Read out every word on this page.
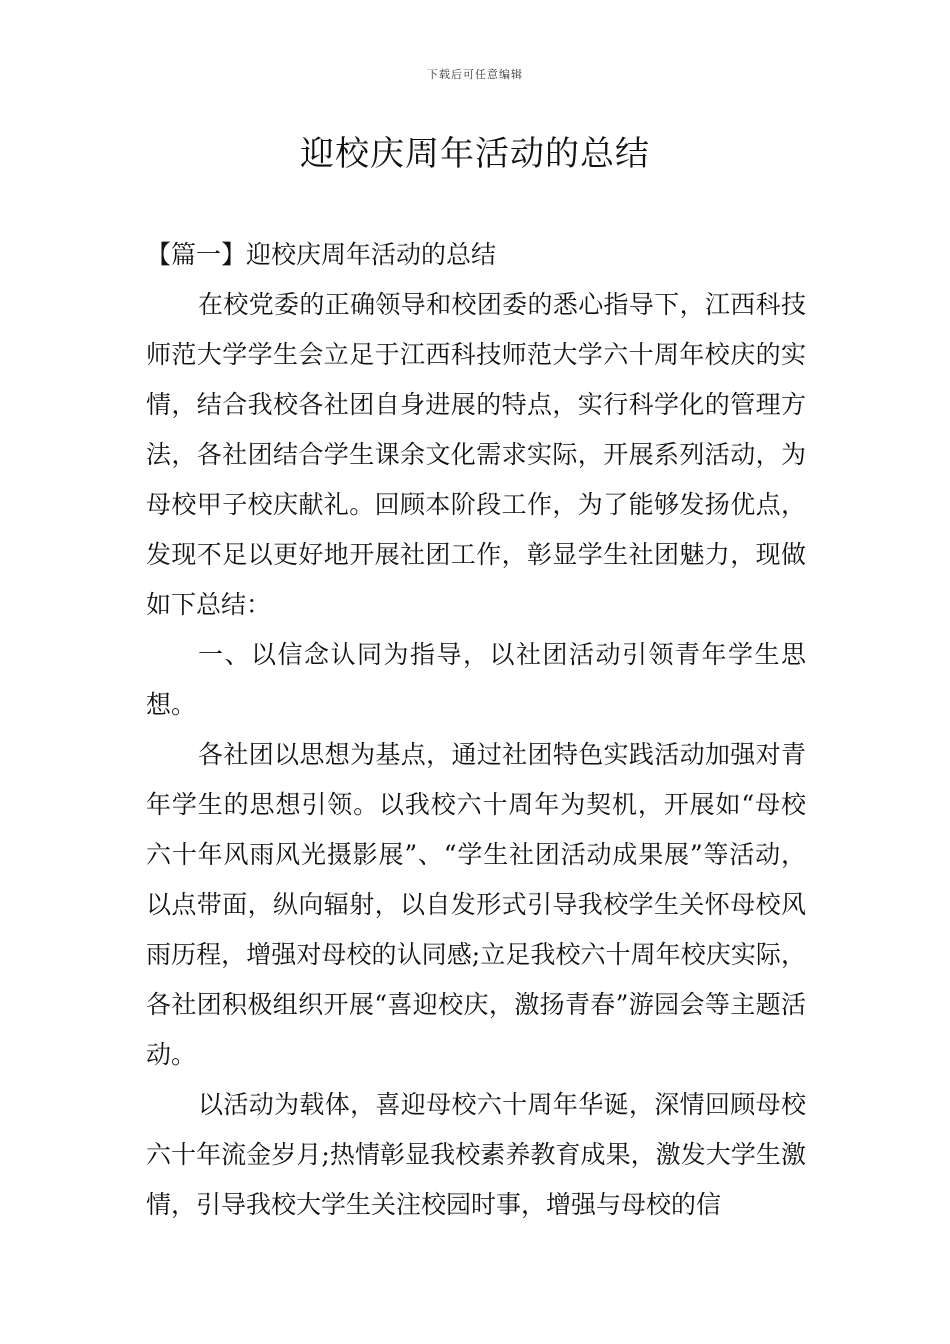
下载后可任意编辑
迎校庆周年活动的总结

【篇一】迎校庆周年活动的总结

在校党委的正确领导和校团委的悉心指导下，江西科技师范大学学生会立足于江西科技师范大学六十周年校庆的实情，结合我校各社团自身进展的特点，实行科学化的管理方法，各社团结合学生课余文化需求实际，开展系列活动，为母校甲子校庆献礼。回顾本阶段工作，为了能够发扬优点，发现不足以更好地开展社团工作，彰显学生社团魅力，现做如下总结：

一、以信念认同为指导，以社团活动引领青年学生思想。

各社团以思想为基点，通过社团特色实践活动加强对青年学生的思想引领。以我校六十周年为契机，开展如“母校六十年风雨风光摄影展”、“学生社团活动成果展”等活动，以点带面，纵向辐射，以自发形式引导我校学生关怀母校风雨历程，增强对母校的认同感;立足我校六十周年校庆实际，各社团积极组织开展“喜迎校庆，激扬青春”游园会等主题活动。

以活动为载体，喜迎母校六十周年华诞，深情回顾母校六十年流金岁月;热情彰显我校素养教育成果，激发大学生激情，引导我校大学生关注校园时事，增强与母校的信
